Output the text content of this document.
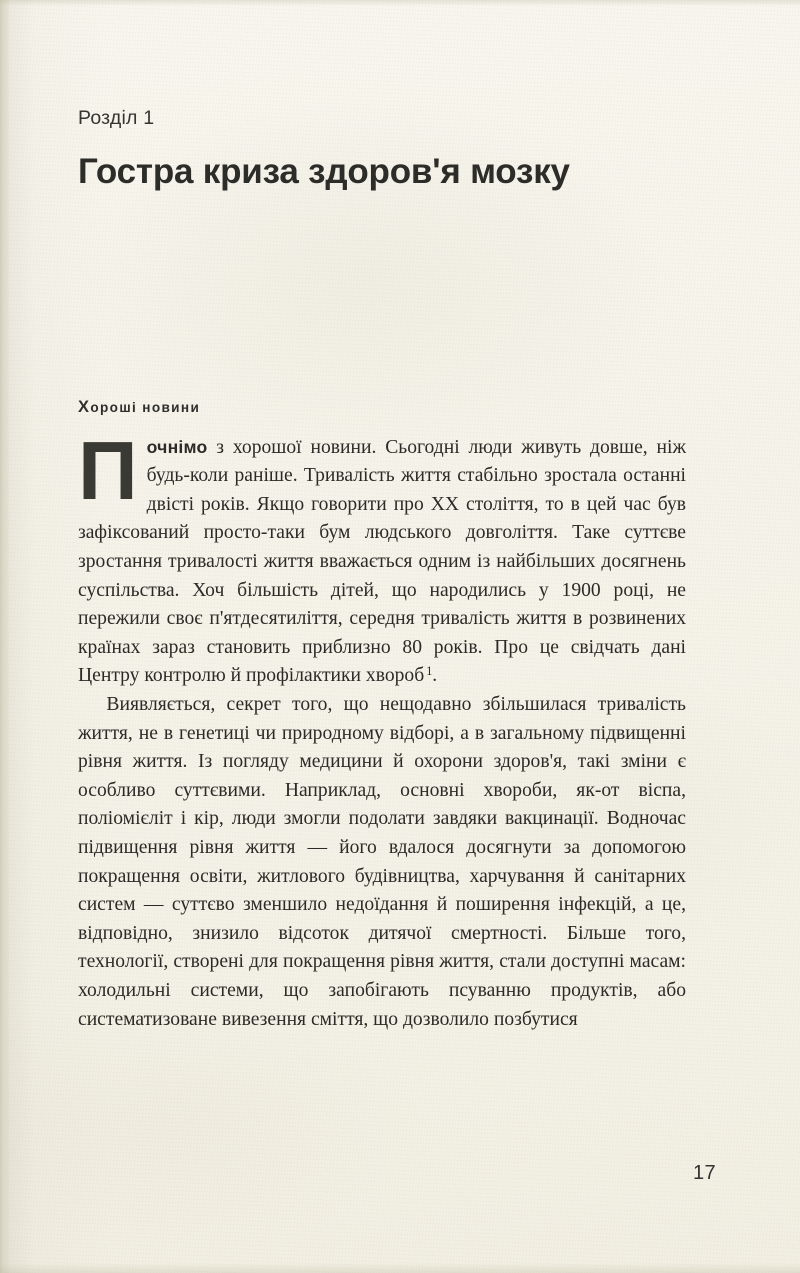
Розділ 1
Гостра криза здоров'я мозку
Хороші новини

Почнімо з хорошої новини. Сьогодні люди живуть довше, ніж будь-коли раніше. Тривалість життя стабільно зростала останні двісті років. Якщо говорити про ХХ століття, то в цей час був зафіксований просто-таки бум людського довголіття. Таке суттєве зростання тривалості життя вважається одним із найбільших досягнень суспільства. Хоч більшість дітей, що народились у 1900 році, не пережили своє п'ятдесятиліття, середня тривалість життя в розвинених країнах зараз становить приблизно 80 років. Про це свідчать дані Центру контролю й профілактики хвороб $^1$.

Виявляється, секрет того, що нещодавно збільшилася тривалість життя, не в генетиці чи природному відборі, а в загальному підвищенні рівня життя. Із погляду медицини й охорони здоров'я, такі зміни є особливо суттєвими. Наприклад, основні хвороби, як-от віспа, поліомієліт і кір, люди змогли подолати завдяки вакцинації. Водночас підвищення рівня життя — його вдалося досягнути за допомогою покращення освіти, житлового будівництва, харчування й санітарних систем — суттєво зменшило недоїдання й поширення інфекцій, а це, відповідно, знизило відсоток дитячої смертності. Більше того, технології, створені для покращення рівня життя, стали доступні масам: холодильні системи, що запобігають псуванню продуктів, або систематизоване вивезення сміття, що дозволило позбутися

17
